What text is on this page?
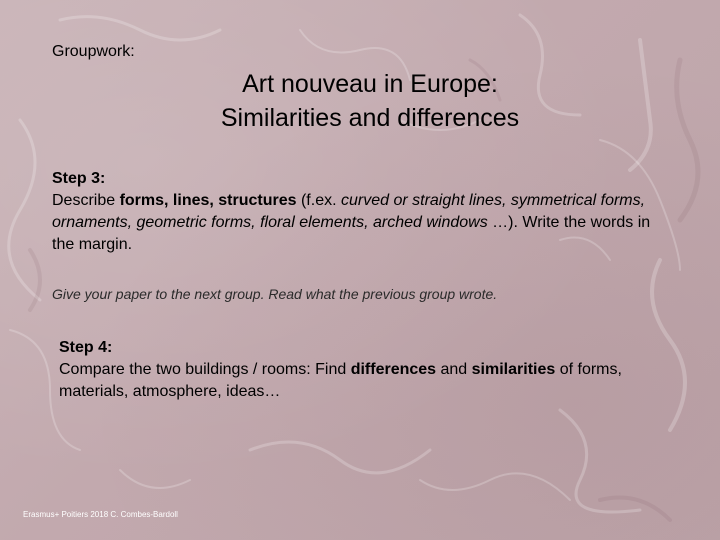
Groupwork:
Art nouveau in Europe:
Similarities and differences
Step 3:
Describe forms, lines, structures (f.ex. curved or straight lines, symmetrical forms, ornaments, geometric forms, floral elements, arched windows …). Write the words in the margin.
Give your paper to the next group. Read what the previous group wrote.
Step 4:
Compare the two buildings / rooms: Find differences and similarities of forms, materials, atmosphere, ideas…
Erasmus+ Poitiers 2018 C. Combes-Bardoll
